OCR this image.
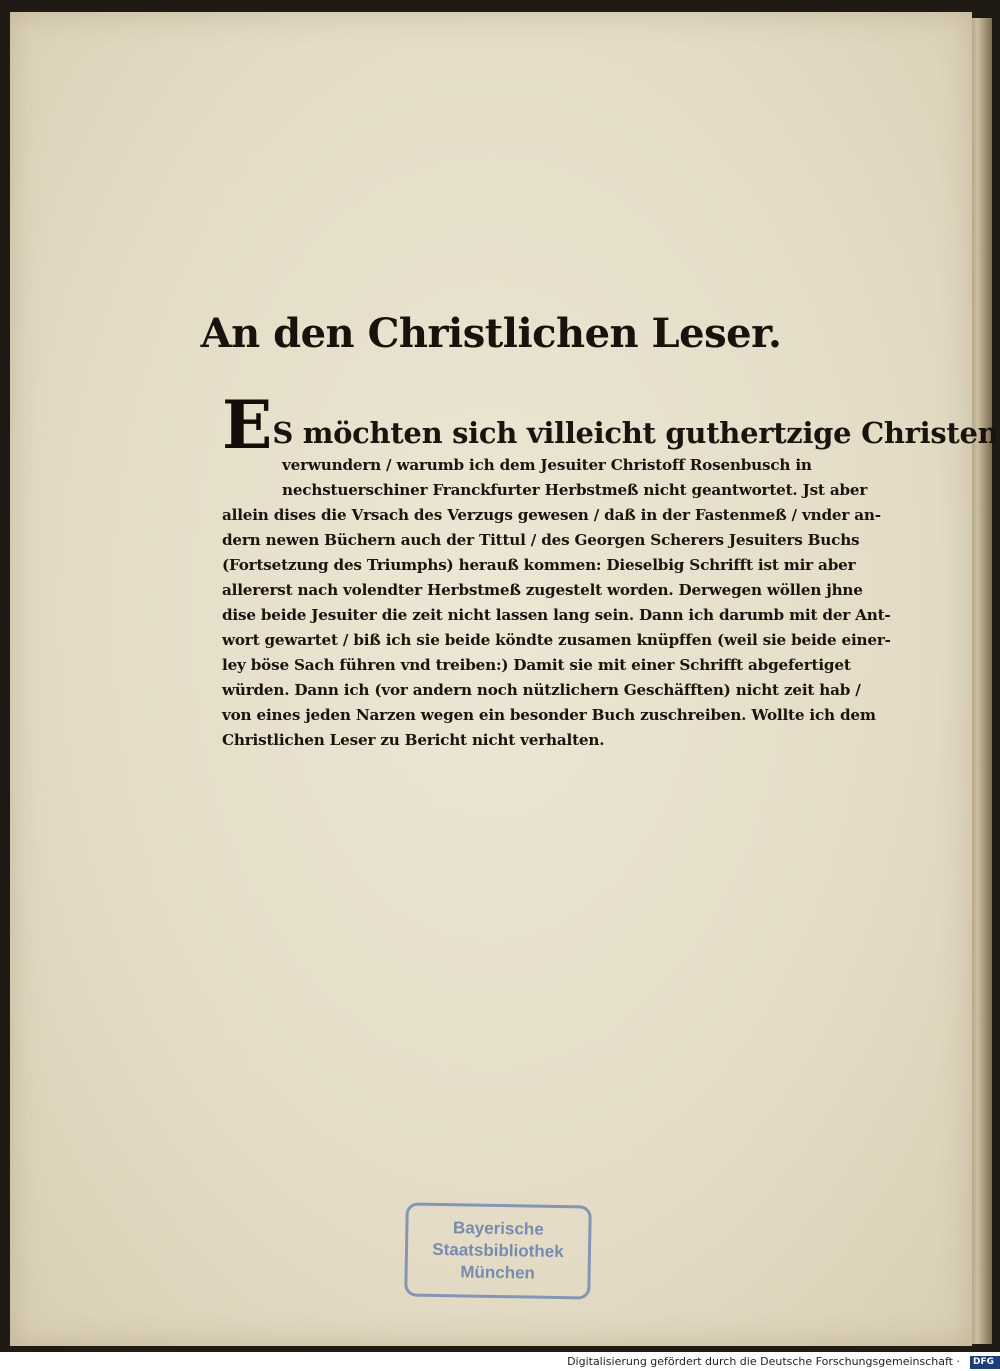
An den Christlichen Leser.
E S möchten sich villeicht guthertzige Christen
verwundern / warumb ich dem Jesuiter Christoff Rosenbusch in
nechstuerschiner Franckfurter Herbstmeß nicht geantwortet. Jst aber
allein dises die Vrsach des Verzugs gewesen / daß in der Fastenmeß / vnder an-
dern newen Büchern auch der Tittul / des Georgen Scherers Jesuiters Buchs
(Fortsetzung des Triumphs) herauß kommen: Dieselbig Schrifft ist mir aber
allererst nach volendter Herbstmeß zugestelt worden. Derwegen wöllen jhne
dise beide Jesuiter die zeit nicht lassen lang sein. Dann ich darumb mit der Ant-
wort gewartet / biß ich sie beide köndte zusamen knüpffen (weil sie beide einer-
ley böse Sach führen vnd treiben:) Damit sie mit einer Schrifft abgefertiget
würden. Dann ich (vor andern noch nützlichern Geschäfften) nicht zeit hab /
von eines jeden Narzen wegen ein besonder Buch zuschreiben. Wollte ich dem
Christlichen Leser zu Bericht nicht verhalten.
Bayerische
Staatsbibliothek
München
Digitalisierung gefördert durch die Deutsche Forschungsgemeinschaft · DFG
